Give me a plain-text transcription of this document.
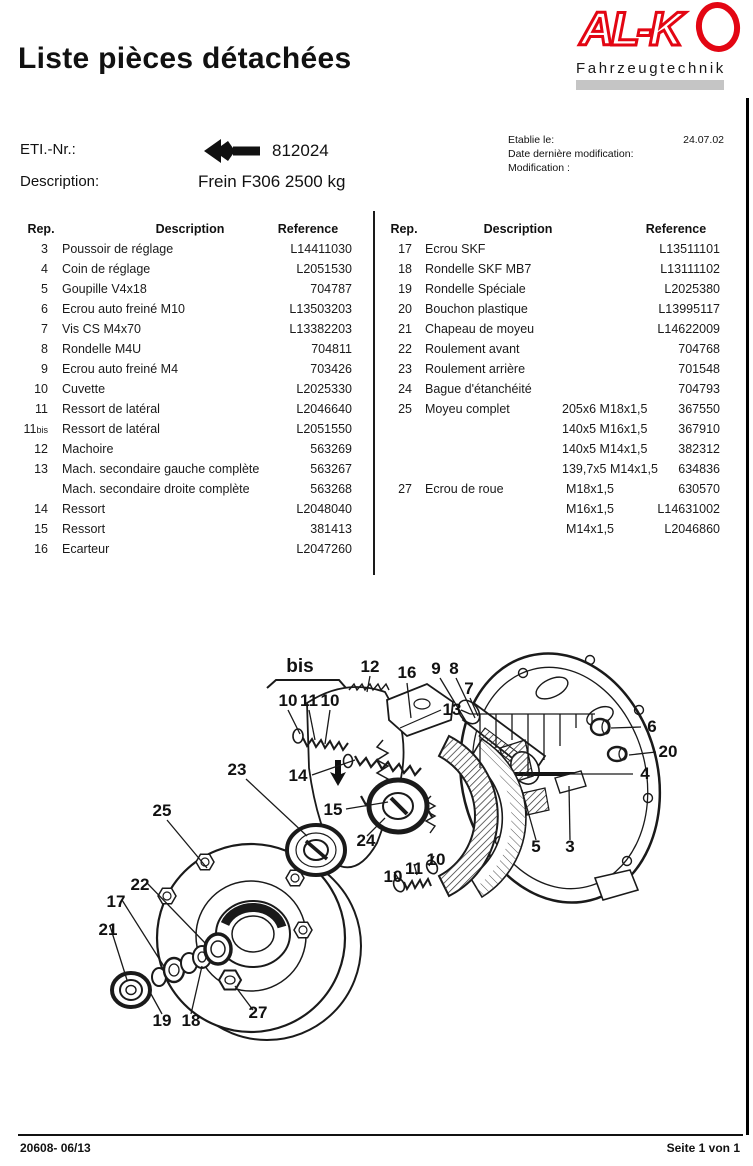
Liste pièces détachées
AL-K
Fahrzeugtechnik
ETI.-Nr.:	812024
Description:	Frein F306 2500 kg
Etablie le:	24.07.02
Date dernière modification:
Modification :
Rep.	Description	Reference	Rep.	Description	Reference
3	Poussoir de réglage	L14411030
4	Coin de réglage	L2051530
5	Goupille V4x18	704787
6	Ecrou auto freiné M10	L13503203
7	Vis CS M4x70	L13382203
8	Rondelle M4U	704811
9	Ecrou auto freiné M4	703426
10	Cuvette	L2025330
11	Ressort de latéral	L2046640
11bis	Ressort de latéral	L2051550
12	Machoire	563269
13	Mach. secondaire gauche complète	563267
Mach. secondaire droite complète	563268
14	Ressort	L2048040
15	Ressort	381413
16	Ecarteur	L2047260
17	Ecrou SKF	L13511101
18	Rondelle SKF MB7	L13111102
19	Rondelle Spéciale	L2025380
20	Bouchon plastique	L13995117
21	Chapeau de moyeu	L14622009
22	Roulement avant	704768
23	Roulement arrière	701548
24	Bague d'étanchéité	704793
25	Moyeu complet	205x6 M18x1,5	367550
140x5 M16x1,5	367910
140x5 M14x1,5	382312
139,7x5 M14x1,5	634836
27	Ecrou de roue	M18x1,5	630570
M16x1,5	L14631002
M14x1,5	L2046860
bis
10 11 10
12 16 9 8
7
13
6
20
4
23 14
15
25
24	5 3
10 11 10
22
17
21
19 18	27
20608- 06/13	Seite 1 von 1
